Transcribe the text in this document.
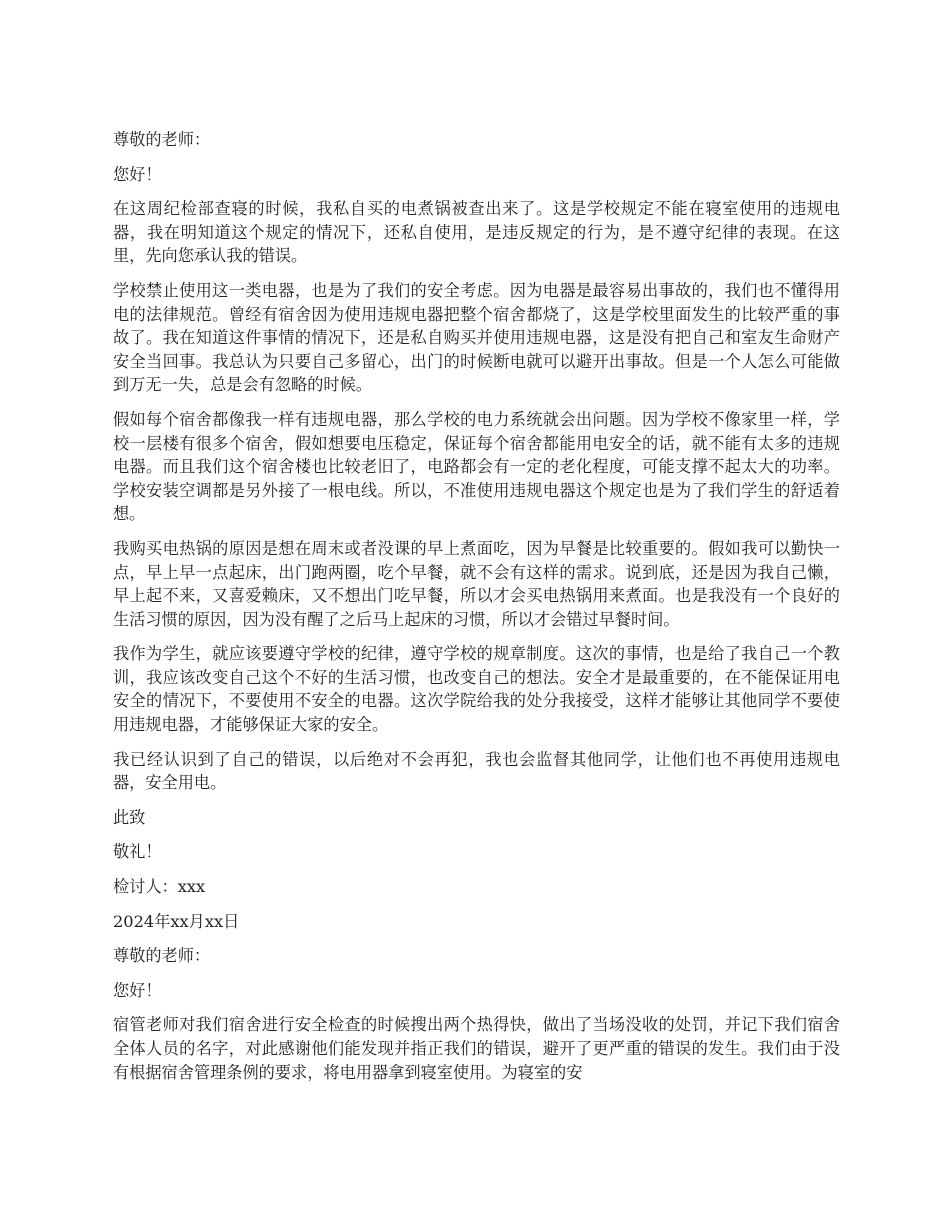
尊敬的老师：

您好！

在这周纪检部查寝的时候，我私自买的电煮锅被查出来了。这是学校规定不能在寝室使用的违规电器，我在明知道这个规定的情况下，还私自使用，是违反规定的行为，是不遵守纪律的表现。在这里，先向您承认我的错误。

学校禁止使用这一类电器，也是为了我们的安全考虑。因为电器是最容易出事故的，我们也不懂得用电的法律规范。曾经有宿舍因为使用违规电器把整个宿舍都烧了，这是学校里面发生的比较严重的事故了。我在知道这件事情的情况下，还是私自购买并使用违规电器，这是没有把自己和室友生命财产安全当回事。我总认为只要自己多留心，出门的时候断电就可以避开出事故。但是一个人怎么可能做到万无一失，总是会有忽略的时候。

假如每个宿舍都像我一样有违规电器，那么学校的电力系统就会出问题。因为学校不像家里一样，学校一层楼有很多个宿舍，假如想要电压稳定，保证每个宿舍都能用电安全的话，就不能有太多的违规电器。而且我们这个宿舍楼也比较老旧了，电路都会有一定的老化程度，可能支撑不起太大的功率。学校安装空调都是另外接了一根电线。所以，不准使用违规电器这个规定也是为了我们学生的舒适着想。

我购买电热锅的原因是想在周末或者没课的早上煮面吃，因为早餐是比较重要的。假如我可以勤快一点，早上早一点起床，出门跑两圈，吃个早餐，就不会有这样的需求。说到底，还是因为我自己懒，早上起不来，又喜爱赖床，又不想出门吃早餐，所以才会买电热锅用来煮面。也是我没有一个良好的生活习惯的原因，因为没有醒了之后马上起床的习惯，所以才会错过早餐时间。

我作为学生，就应该要遵守学校的纪律，遵守学校的规章制度。这次的事情，也是给了我自己一个教训，我应该改变自己这个不好的生活习惯，也改变自己的想法。安全才是最重要的，在不能保证用电安全的情况下，不要使用不安全的电器。这次学院给我的处分我接受，这样才能够让其他同学不要使用违规电器，才能够保证大家的安全。

我已经认识到了自己的错误，以后绝对不会再犯，我也会监督其他同学，让他们也不再使用违规电器，安全用电。

此致

敬礼！

检讨人：xxx

2024年xx月xx日

尊敬的老师：

您好！

宿管老师对我们宿舍进行安全检查的时候搜出两个热得快，做出了当场没收的处罚，并记下我们宿舍全体人员的名字，对此感谢他们能发现并指正我们的错误，避开了更严重的错误的发生。我们由于没有根据宿舍管理条例的要求，将电用器拿到寝室使用。为寝室的安
